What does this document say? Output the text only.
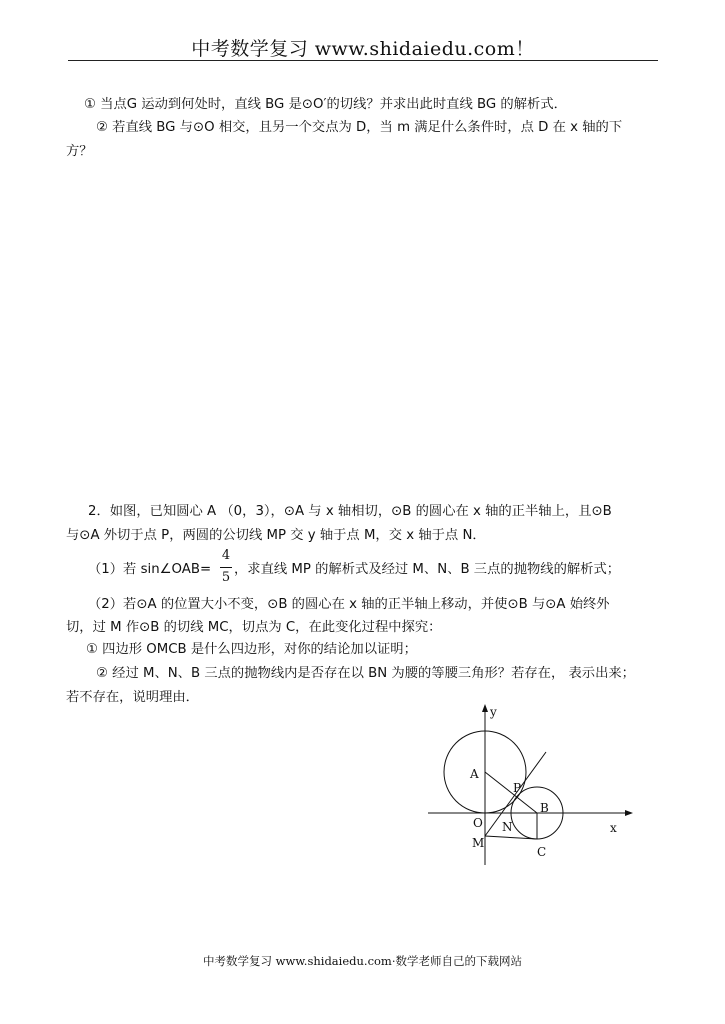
中考数学复习 www.shidaiedu.com！
① 当点G 运动到何处时，直线 BG 是⊙O′的切线？并求出此时直线 BG 的解析式．
② 若直线 BG 与⊙O 相交，且另一个交点为 D，当 m 满足什么条件时，点 D 在 x 轴的下
方？
2．如图，已知圆心 A （0，3），⊙A 与 x 轴相切，⊙B 的圆心在 x 轴的正半轴上，且⊙B
与⊙A 外切于点 P，两圆的公切线 MP 交 y 轴于点 M，交 x 轴于点 N．
（1）若 sin∠OAB=
4
5
，求直线 MP 的解析式及经过 M、N、B 三点的抛物线的解析式；
（2）若⊙A 的位置大小不变，⊙B 的圆心在 x 轴的正半轴上移动，并使⊙B 与⊙A 始终外
切，过 M 作⊙B 的切线 MC，切点为 C，在此变化过程中探究：
① 四边形 OMCB 是什么四边形，对你的结论加以证明；
② 经过 M、N、B 三点的抛物线内是否存在以 BN 为腰的等腰三角形？若存在， 表示出来；
若不存在，说明理由．
y
x
A
P
B
O N
M
C
中考数学复习 www.shidaiedu.com·数学老师自己的下载网站
